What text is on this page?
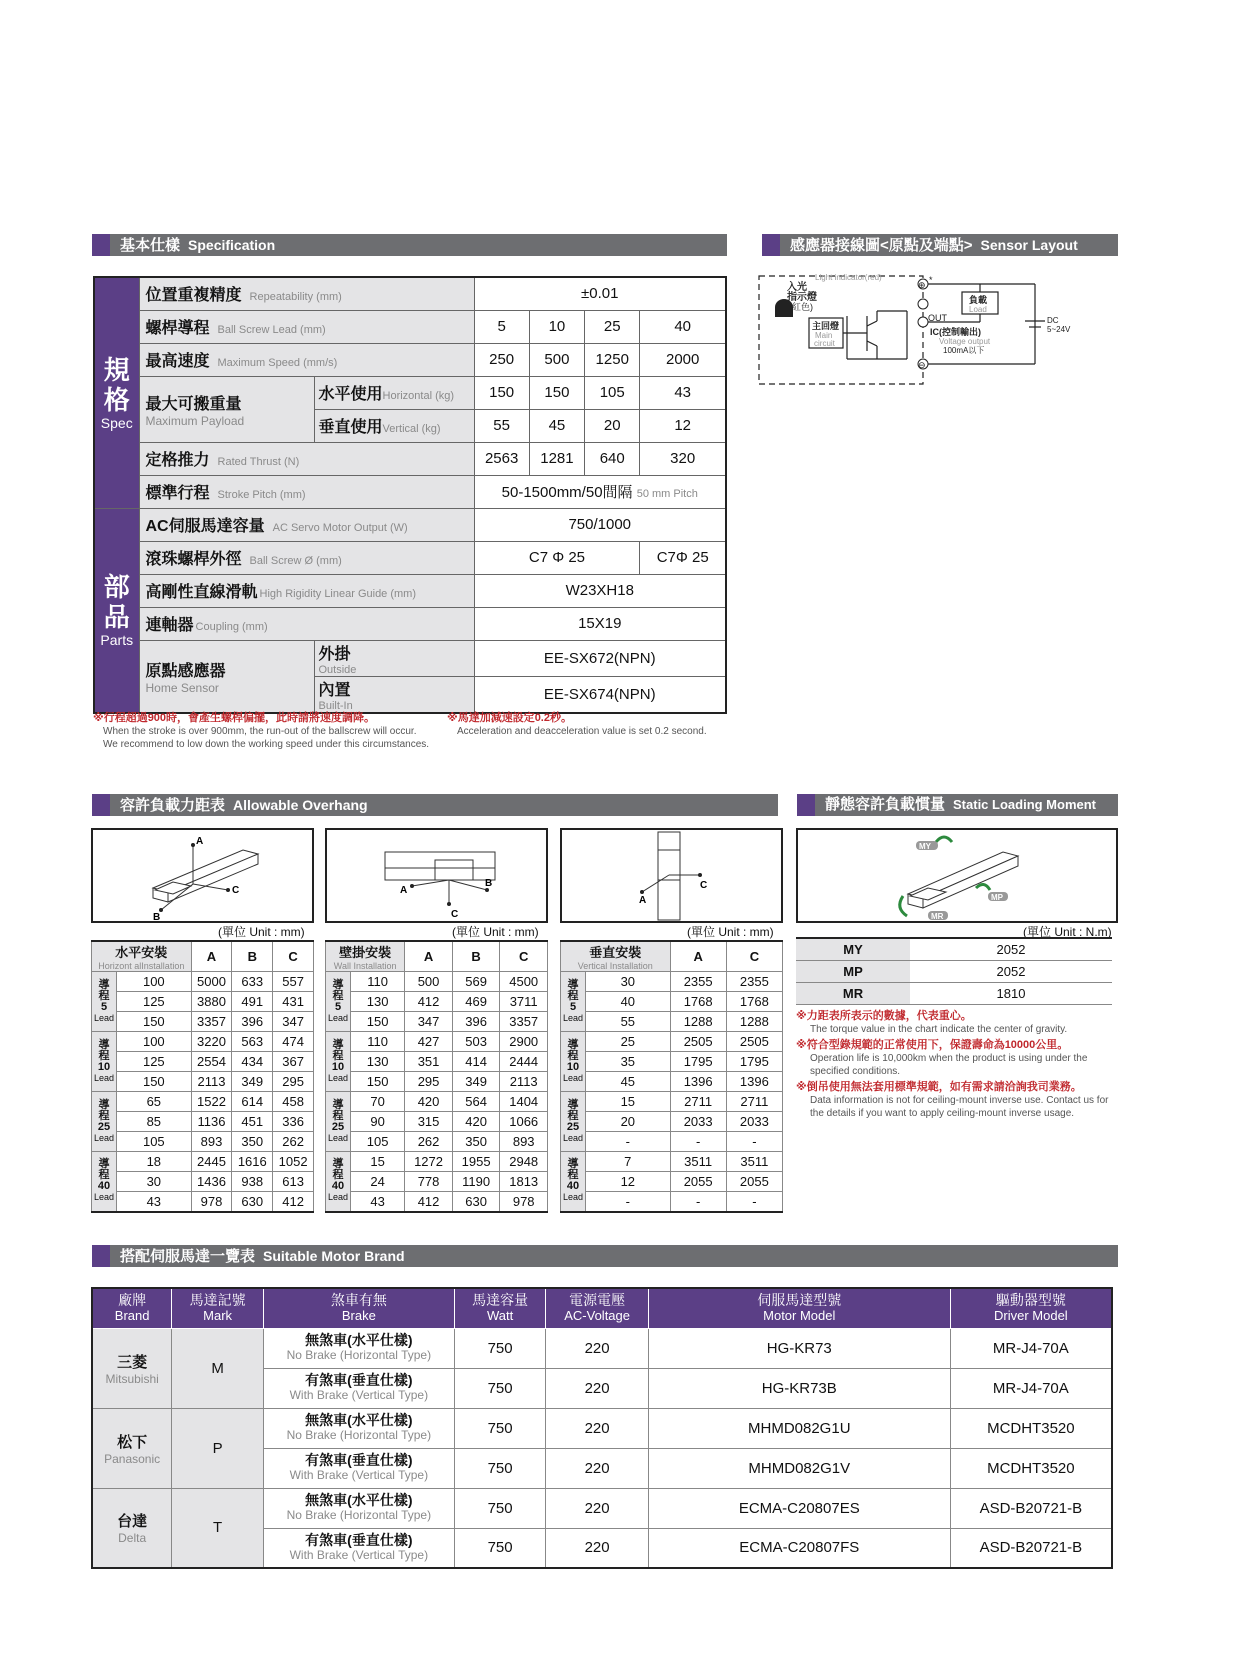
基本仕樣 Specification	感應器接線圖<原點及端點> Sensor Layout
規
格
Spec	位置重複精度 Repeatability (mm)		±0.01			
	螺桿導程 Ball Screw Lead (mm)		5	10	25	40
	最高速度 Maximum Speed (mm/s)		250	500	1250	2000
	最大可搬重量
Maximum Payload	水平使用Horizontal (kg)	150	150	105	43
		垂直使用Vertical (kg)	55	45	20	12
	定格推力 Rated Thrust (N)		2563	1281	640	320
	標準行程 Stroke Pitch (mm)		50-1500mm/50間隔 50 mm Pitch			
部
品
Parts	AC伺服馬達容量 AC Servo Motor Output (W)		750/1000			
	滾珠螺桿外徑 Ball Screw Ø (mm)		C7 Φ 25			C7Φ 25
	高剛性直線滑軌 High Rigidity Linear Guide (mm)		W23XH18			
	連軸器 Coupling (mm)		15X19			
	原點感應器
Home Sensor	外掛
Outside	EE-SX672(NPN)			
		內置
Built-In	EE-SX674(NPN)			
※行程超過900時，會產生螺桿偏擺，此時請將速度調降。
When the stroke is over 900mm, the run-out of the ballscrew will occur.
We recommend to low down the working speed under this circumstances.
※馬達加減速設定0.2秒。
Acceleration and deacceleration value is set 0.2 second.
Light indicator(red)
入光
指示燈
(紅色)
主回燈
Main
circuit
負載
Load
OUT
IC(控制輸出)
Voltage output
100mA以下
DC
5~24V
⊕
⊖
*
容許負載力距表 Allowable Overhang	靜態容許負載慣量 Static Loading Moment
A
C
B
A
B
C
A
C
MY
MP
MR
(單位 Unit : mm)	(單位 Unit : mm)	(單位 Unit : mm)	(單位 Unit : N.m)
水平安裝
Horizont alInstallation		A	B	C
導程
5
Lead	100	5000	633	557
	125	3880	491	431
	150	3357	396	347
導程
10
Lead	100	3220	563	474
	125	2554	434	367
	150	2113	349	295
導程
25
Lead	65	1522	614	458
	85	1136	451	336
	105	893	350	262
導程
40
Lead	18	2445	1616	1052
	30	1436	938	613
	43	978	630	412
壁掛安裝
Wall Installation		A	B	C
導程
5
Lead	110	500	569	4500
	130	412	469	3711
	150	347	396	3357
導程
10
Lead	110	427	503	2900
	130	351	414	2444
	150	295	349	2113
導程
25
Lead	70	420	564	1404
	90	315	420	1066
	105	262	350	893
導程
40
Lead	15	1272	1955	2948
	24	778	1190	1813
	43	412	630	978
垂直安裝
Vertical Installation		A	C
導程
5
Lead	30	2355	2355
	40	1768	1768
	55	1288	1288
導程
10
Lead	25	2505	2505
	35	1795	1795
	45	1396	1396
導程
25
Lead	15	2711	2711
	20	2033	2033
	-	-	-
導程
40
Lead	7	3511	3511
	12	2055	2055
	-	-	-
MY	2052
MP	2052
MR	1810
※力距表所表示的數據，代表重心。
The torque value in the chart indicate the center of gravity.
※符合型錄規範的正常使用下，保證壽命為10000公里。
Operation life is 10,000km when the product is using under the specified conditions.
※倒吊使用無法套用標準規範，如有需求請洽詢我司業務。
Data information is not for ceiling-mount inverse use. Contact us for the details if you want to apply ceiling-mount inverse usage.
搭配伺服馬達一覽表 Suitable Motor Brand
廠牌
Brand	馬達記號
Mark	煞車有無
Brake	馬達容量
Watt	電源電壓
AC-Voltage	伺服馬達型號
Motor Model	驅動器型號
Driver Model

三菱
Mitsubishi	M	無煞車(水平仕樣)
No Brake (Horizontal Type)	750	220	HG-KR73	MR-J4-70A
		有煞車(垂直仕樣)
With Brake (Vertical Type)	750	220	HG-KR73B	MR-J4-70A
松下
Panasonic	P	無煞車(水平仕樣)
No Brake (Horizontal Type)	750	220	MHMD082G1U	MCDHT3520
		有煞車(垂直仕樣)
With Brake (Vertical Type)	750	220	MHMD082G1V	MCDHT3520
台達
Delta	T	無煞車(水平仕樣)
No Brake (Horizontal Type)	750	220	ECMA-C20807ES	ASD-B20721-B
		有煞車(垂直仕樣)
With Brake (Vertical Type)	750	220	ECMA-C20807FS	ASD-B20721-B
